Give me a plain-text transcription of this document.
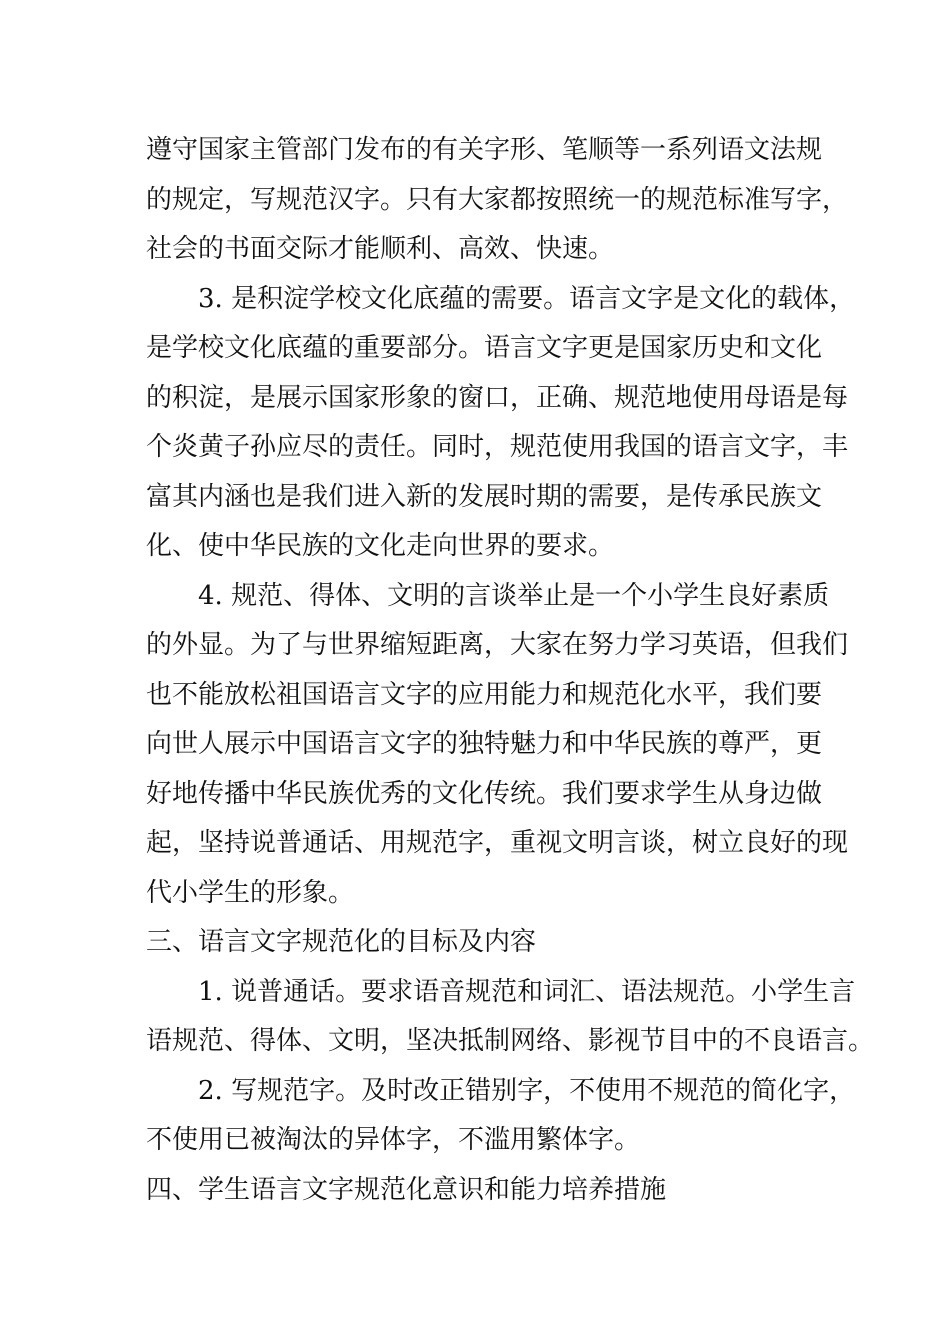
遵守国家主管部门发布的有关字形、笔顺等一系列语文法规
的规定，写规范汉字。只有大家都按照统一的规范标准写字，
社会的书面交际才能顺利、高效、快速。
3. 是积淀学校文化底蕴的需要。语言文字是文化的载体，
是学校文化底蕴的重要部分。语言文字更是国家历史和文化
的积淀，是展示国家形象的窗口，正确、规范地使用母语是每
个炎黄子孙应尽的责任。同时，规范使用我国的语言文字，丰
富其内涵也是我们进入新的发展时期的需要，是传承民族文
化、使中华民族的文化走向世界的要求。
4. 规范、得体、文明的言谈举止是一个小学生良好素质
的外显。为了与世界缩短距离，大家在努力学习英语，但我们
也不能放松祖国语言文字的应用能力和规范化水平，我们要
向世人展示中国语言文字的独特魅力和中华民族的尊严，更
好地传播中华民族优秀的文化传统。我们要求学生从身边做
起，坚持说普通话、用规范字，重视文明言谈，树立良好的现
代小学生的形象。
三、语言文字规范化的目标及内容
1. 说普通话。要求语音规范和词汇、语法规范。小学生言
语规范、得体、文明，坚决抵制网络、影视节目中的不良语言。
2. 写规范字。及时改正错别字，不使用不规范的简化字，
不使用已被淘汰的异体字，不滥用繁体字。
四、学生语言文字规范化意识和能力培养措施
